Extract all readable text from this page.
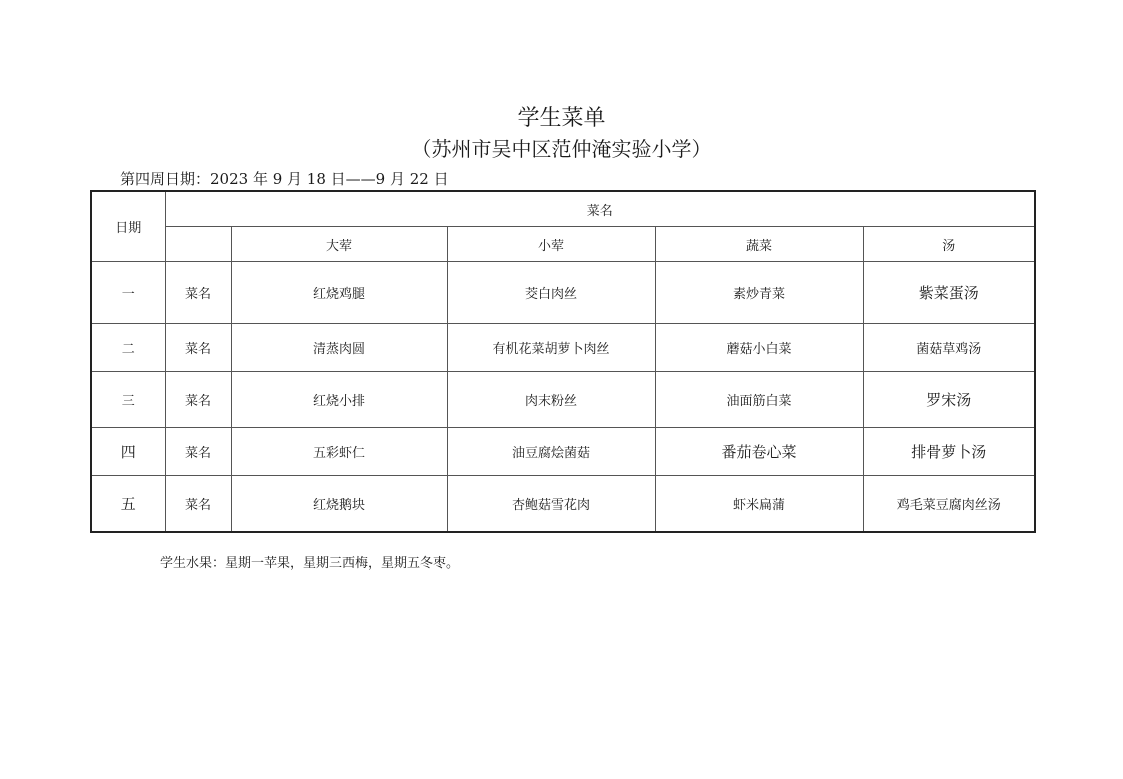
学生菜单
（苏州市吴中区范仲淹实验小学）
第四周日期：2023 年 9 月 18 日——9 月 22 日
日期	菜名				
		大荤	小荤	蔬菜	汤
一	菜名	红烧鸡腿	茭白肉丝	素炒青菜	紫菜蛋汤
二	菜名	清蒸肉圆	有机花菜胡萝卜肉丝	蘑菇小白菜	菌菇草鸡汤
三	菜名	红烧小排	肉末粉丝	油面筋白菜	罗宋汤
四	菜名	五彩虾仁	油豆腐烩菌菇	番茄卷心菜	排骨萝卜汤
五	菜名	红烧鹅块	杏鲍菇雪花肉	虾米扁蒲	鸡毛菜豆腐肉丝汤
学生水果：星期一苹果，星期三西梅，星期五冬枣。
